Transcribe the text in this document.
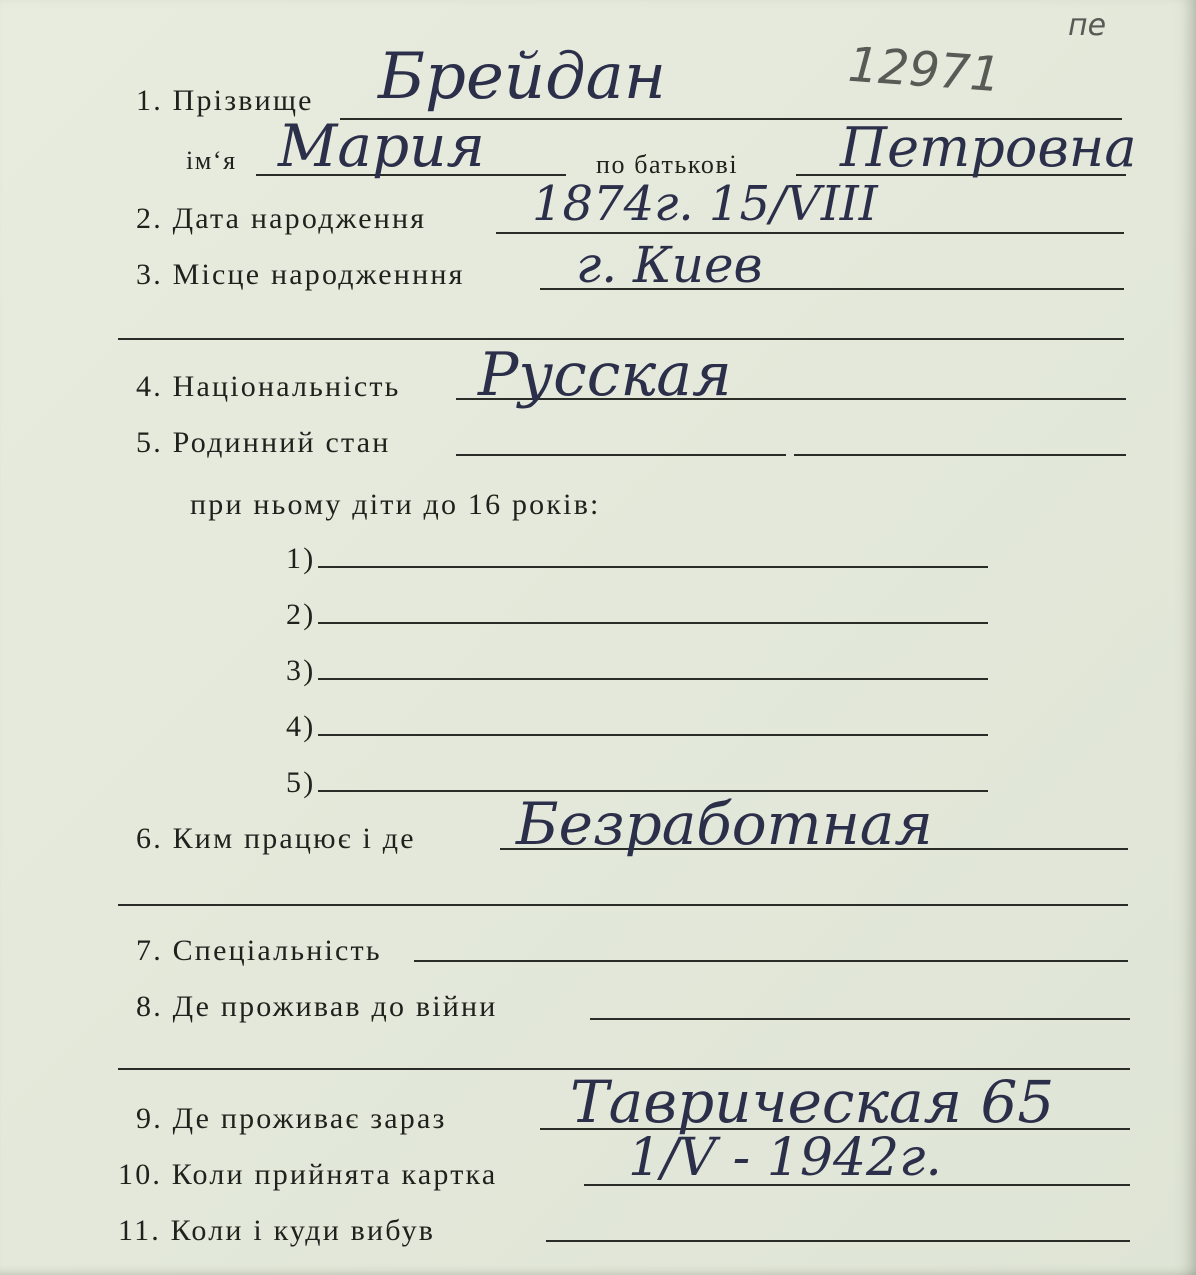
пе
12971
1. Прізвище Брейдан
ім‘я Мария	по батькові Петровна
2. Дата народження 1874г. 15/VIII
3. Місце народженння г. Киев
4. Національність Русская
5. Родинний стан
при ньому діти до 16 років:
1)
2)
3)
4)
5)
6. Ким працює і де Безработная
7. Спеціальність
8. Де проживав до війни
9. Де проживає зараз Таврическая 65
10. Коли прийнята картка	1/V - 1942г.
11. Коли і куди вибув
